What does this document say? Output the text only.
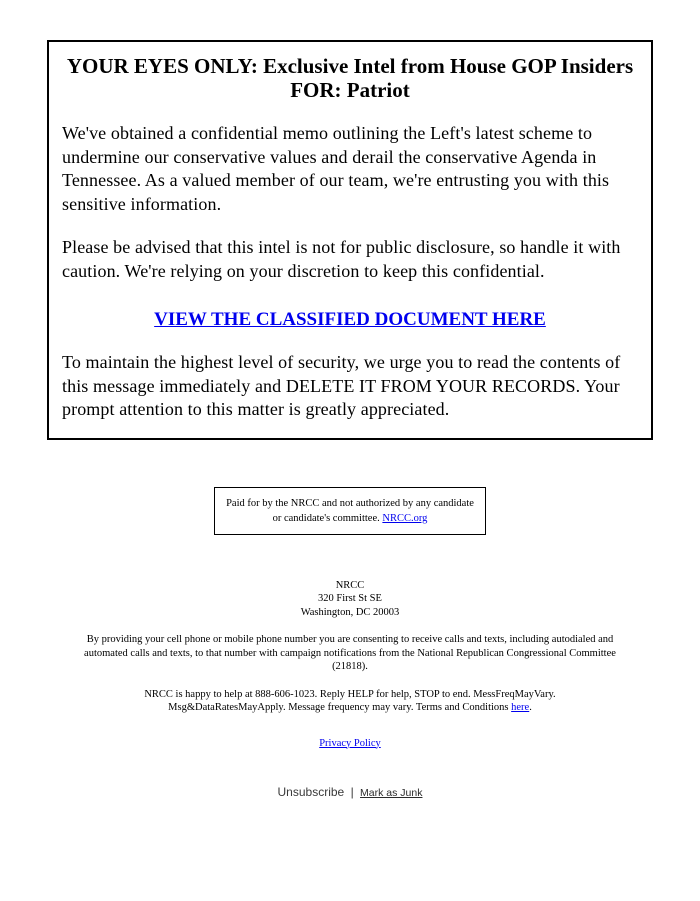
YOUR EYES ONLY: Exclusive Intel from House GOP Insiders
FOR: Patriot

We've obtained a confidential memo outlining the Left's latest scheme to undermine our conservative values and derail the conservative Agenda in Tennessee. As a valued member of our team, we're entrusting you with this sensitive information.

Please be advised that this intel is not for public disclosure, so handle it with caution. We're relying on your discretion to keep this confidential.

VIEW THE CLASSIFIED DOCUMENT HERE

To maintain the highest level of security, we urge you to read the contents of this message immediately and DELETE IT FROM YOUR RECORDS. Your prompt attention to this matter is greatly appreciated.

Paid for by the NRCC and not authorized by any candidate or candidate's committee. NRCC.org
NRCC
320 First St SE
Washington, DC 20003

By providing your cell phone or mobile phone number you are consenting to receive calls and texts, including autodialed and automated calls and texts, to that number with campaign notifications from the National Republican Congressional Committee (21818).

NRCC is happy to help at 888-606-1023. Reply HELP for help, STOP to end. MessFreqMayVary. Msg&DataRatesMayApply. Message frequency may vary. Terms and Conditions here.

Privacy Policy

Unsubscribe | Mark as Junk
